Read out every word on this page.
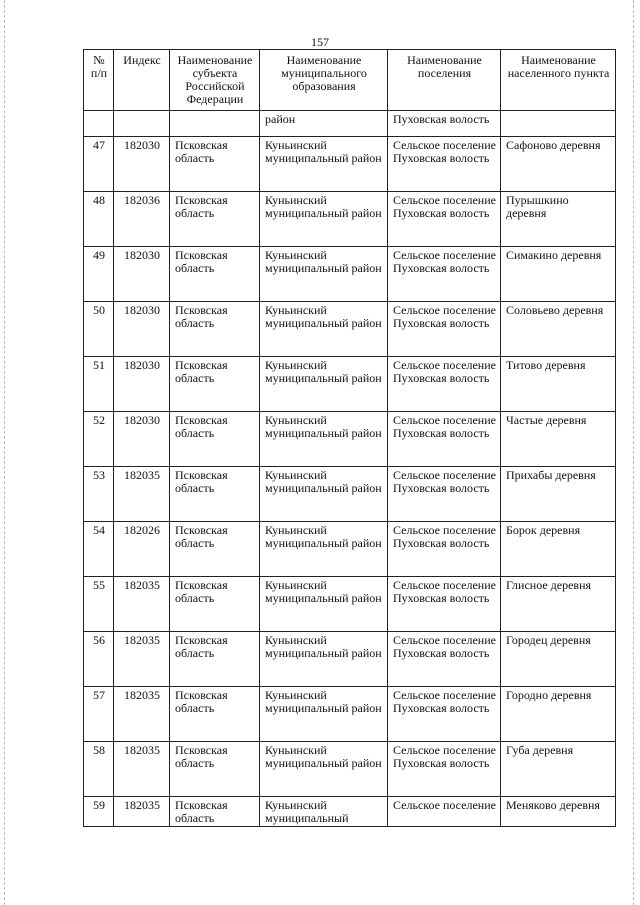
157
№ п/п	Индекс	Наименование субъекта Российской Федерации	Наименование муниципального образования	Наименование поселения	Наименование населенного пункта
			район	Пуховская волость	
47	182030	Псковская область	Куньинский муниципальный район	Сельское поселение Пуховская волость	Сафоново деревня
48	182036	Псковская область	Куньинский муниципальный район	Сельское поселение Пуховская волость	Пурышкино деревня
49	182030	Псковская область	Куньинский муниципальный район	Сельское поселение Пуховская волость	Симакино деревня
50	182030	Псковская область	Куньинский муниципальный район	Сельское поселение Пуховская волость	Соловьево деревня
51	182030	Псковская область	Куньинский муниципальный район	Сельское поселение Пуховская волость	Титово деревня
52	182030	Псковская область	Куньинский муниципальный район	Сельское поселение Пуховская волость	Частые деревня
53	182035	Псковская область	Куньинский муниципальный район	Сельское поселение Пуховская волость	Прихабы деревня
54	182026	Псковская область	Куньинский муниципальный район	Сельское поселение Пуховская волость	Борок деревня
55	182035	Псковская область	Куньинский муниципальный район	Сельское поселение Пуховская волость	Глисное деревня
56	182035	Псковская область	Куньинский муниципальный район	Сельское поселение Пуховская волость	Городец деревня
57	182035	Псковская область	Куньинский муниципальный район	Сельское поселение Пуховская волость	Городно деревня
58	182035	Псковская область	Куньинский муниципальный район	Сельское поселение Пуховская волость	Губа деревня
59	182035	Псковская область	Куньинский муниципальный	Сельское поселение	Меняково деревня
